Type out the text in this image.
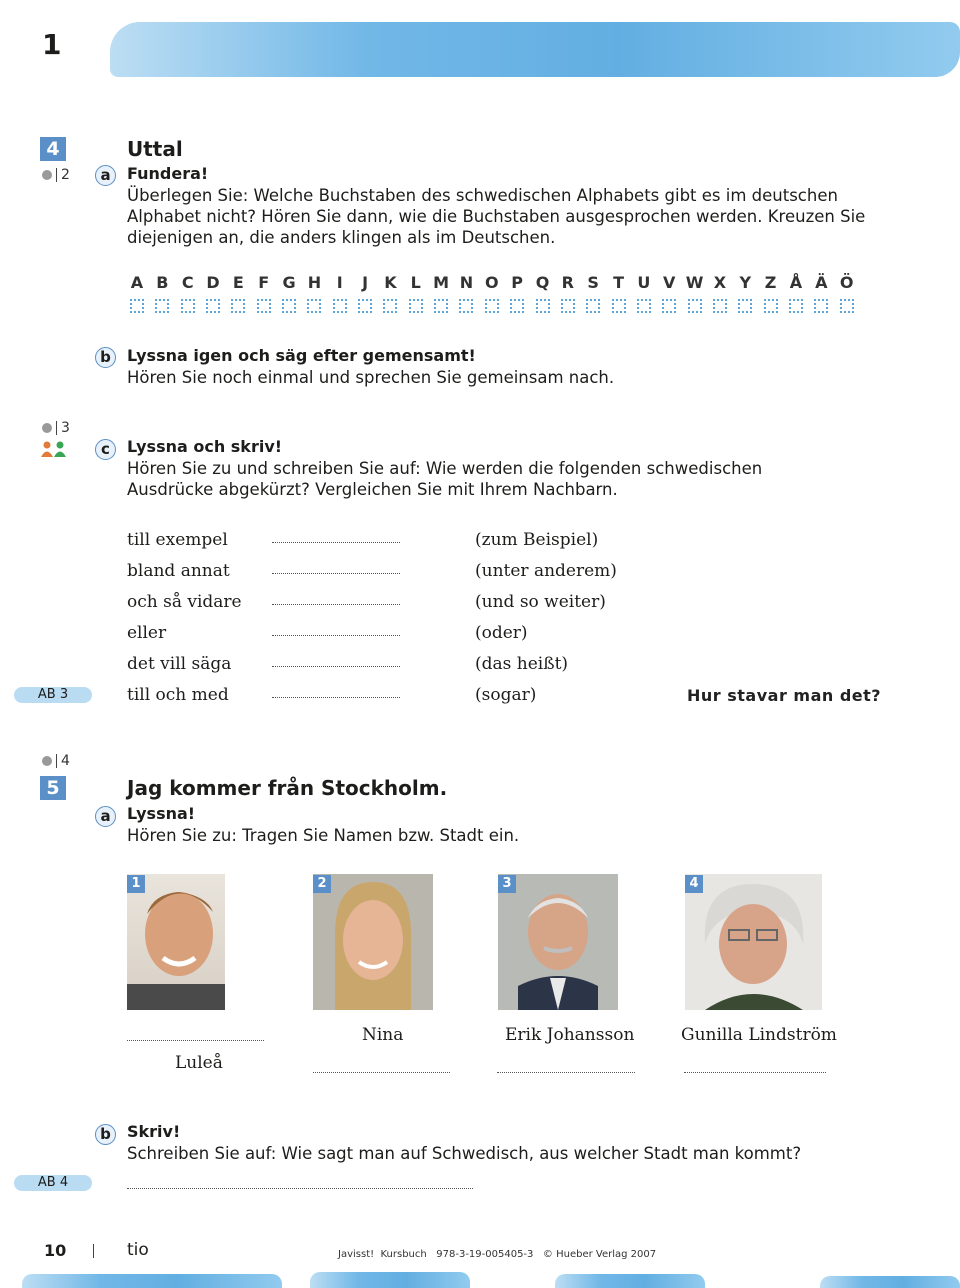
1
4
2
Uttal
a	Fundera!
Überlegen Sie: Welche Buchstaben des schwedischen Alphabets gibt es im deutschen
Alphabet nicht? Hören Sie dann, wie die Buchstaben ausgesprochen werden. Kreuzen Sie
diejenigen an, die anders klingen als im Deutschen.
A B C D E F G H I	J	K L M N O P Q R S T U V W X Y Z Å Ä Ö
b	Lyssna igen och säg efter gemensamt!
Hören Sie noch einmal und sprechen Sie gemeinsam nach.
3
c	Lyssna och skriv!
Hören Sie zu und schreiben Sie auf: Wie werden die folgenden schwedischen
Ausdrücke abgekürzt? Vergleichen Sie mit Ihrem Nachbarn.
till exempel	(zum Beispiel)
bland annat	(unter anderem)
och så vidare	(und so weiter)
eller	(oder)
det vill säga	(das heißt)
till och med	(sogar)
AB 3	Hur stavar man det?
4
5	Jag kommer från Stockholm.
a	Lyssna!
Hören Sie zu: Tragen Sie Namen bzw. Stadt ein.
1	2	3	4
Luleå
Nina	Erik Johansson	Gunilla Lindström
b	Skriv!
Schreiben Sie auf: Wie sagt man auf Schwedisch, aus welcher Stadt man kommt?
AB 4
10	tio	Javisst!  Kursbuch   978-3-19-005405-3   © Hueber Verlag 2007
